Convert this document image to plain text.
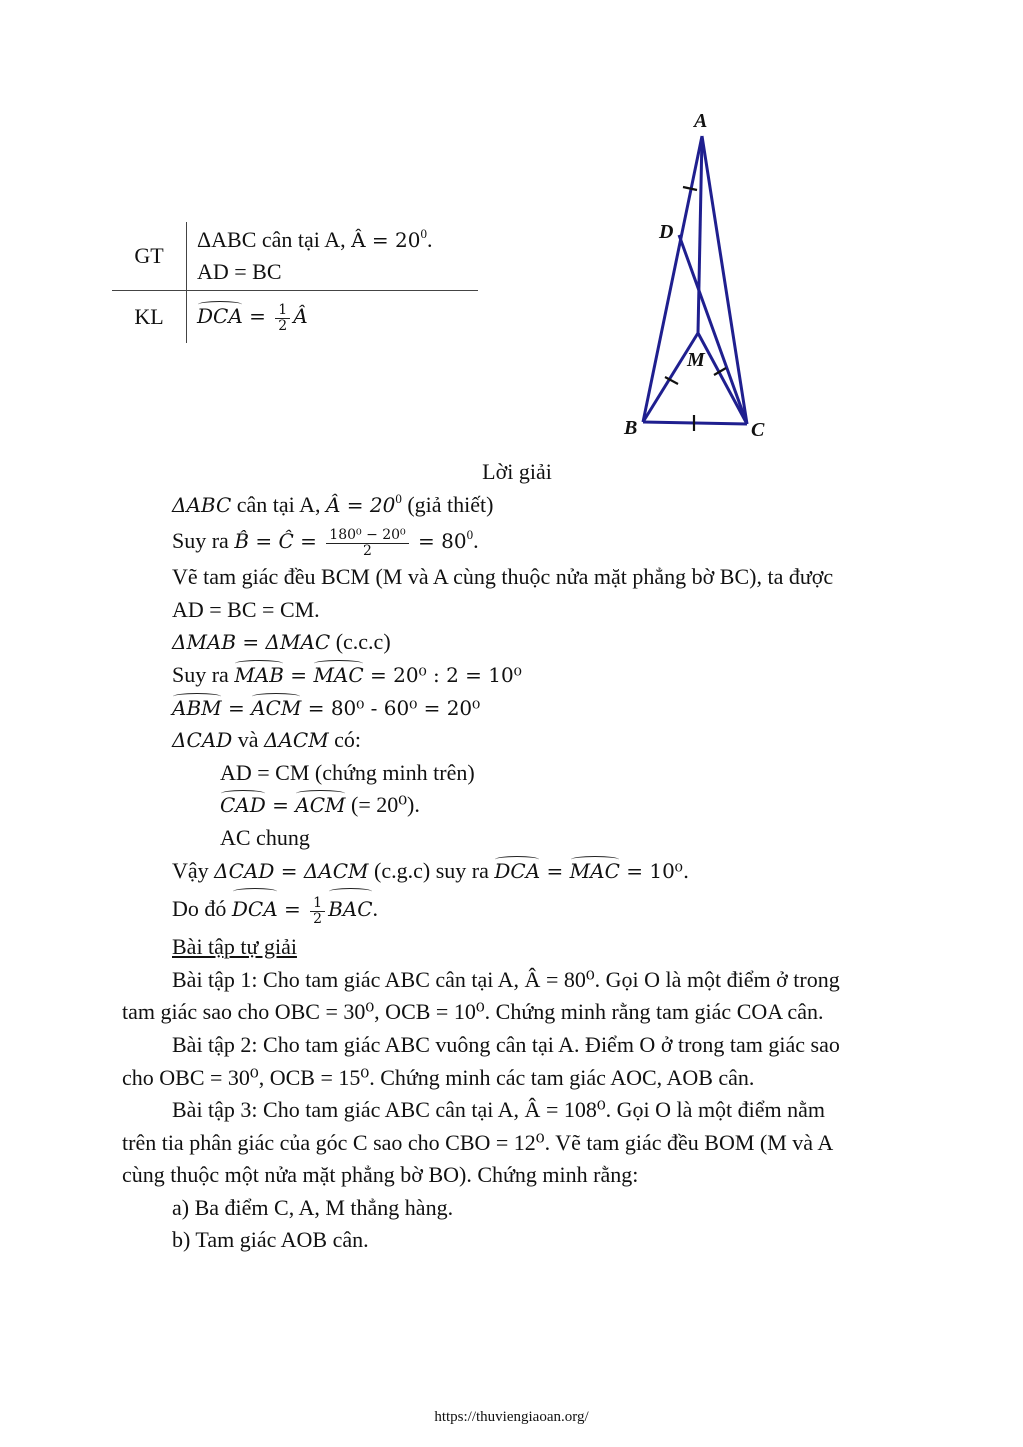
GT
ΔABC cân tại A, Â = $20^0$.
AD = BC
KL	DCA = $\frac{1}{2}$ Â
A
D
M
B	C
Lời giải
ΔABC cân tại A, Â = $20^0$ (giả thiết)
Suy ra B̂ = Ĉ = $\frac{\text{180⁰ − 20⁰}}{2} = 80^0$.
Vẽ tam giác đều BCM (M và A cùng thuộc nửa mặt phẳng bờ BC), ta được
AD = BC = CM.
ΔMAB = ΔMAC (c.c.c)
Suy ra MAB = MAC = 20⁰ : 2 = 10⁰
ABM = ACM = 80⁰ - 60⁰ = 20⁰
ΔCAD và ΔACM có:
AD = CM (chứng minh trên)
CAD = ACM (= 20⁰).
AC chung
Vậy ΔCAD = ΔACM (c.g.c) suy ra DCA = MAC = 10⁰.
Do đó DCA = $\frac{1}{2}$ BAC.
Bài tập tự giải
Bài tập 1: Cho tam giác ABC cân tại A, Â = 80⁰. Gọi O là một điểm ở trong
tam giác sao cho OBC = 30⁰, OCB = 10⁰. Chứng minh rằng tam giác COA cân.
Bài tập 2: Cho tam giác ABC vuông cân tại A. Điểm O ở trong tam giác sao
cho OBC = 30⁰, OCB = 15⁰. Chứng minh các tam giác AOC, AOB cân.
Bài tập 3: Cho tam giác ABC cân tại A, Â = 108⁰. Gọi O là một điểm nằm
trên tia phân giác của góc C sao cho CBO = 12⁰. Vẽ tam giác đều BOM (M và A
cùng thuộc một nửa mặt phẳng bờ BO). Chứng minh rằng:
a) Ba điểm C, A, M thẳng hàng.
b) Tam giác AOB cân.
https://thuviengiaoan.org/
